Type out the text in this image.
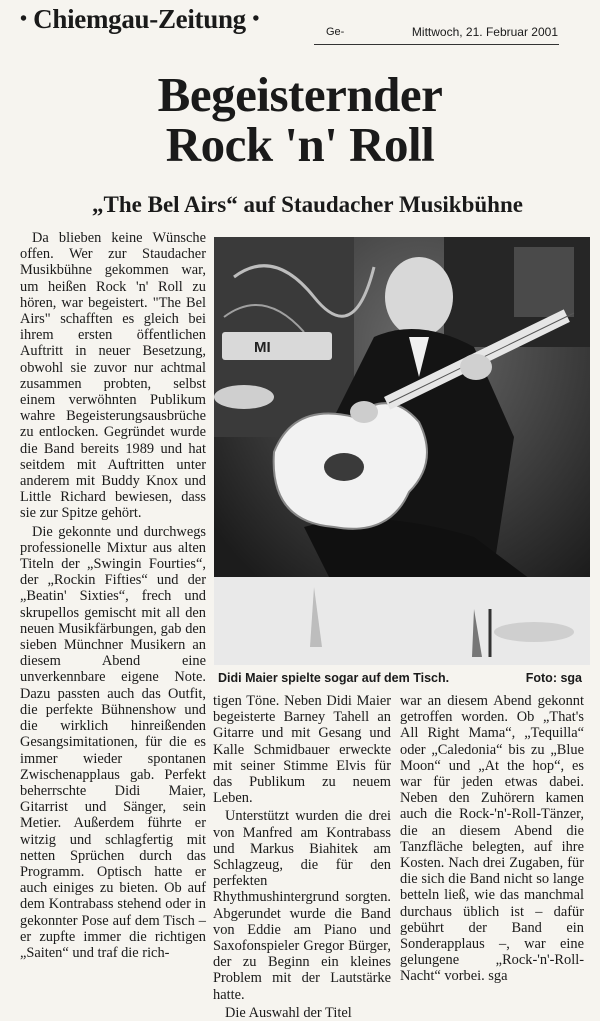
• Chiemgau-Zeitung •
Ge-	Mittwoch, 21. Februar 2001
Begeisternder
Rock 'n' Roll
„The Bel Airs“ auf Staudacher Musikbühne

Da blieben keine Wünsche offen. Wer zur Staudacher Musikbühne gekommen war, um heißen Rock 'n' Roll zu hören, war begeistert. "The Bel Airs" schafften es gleich bei ihrem ersten öffentlichen Auftritt in neuer Besetzung, obwohl sie zuvor nur achtmal zusammen probten, selbst einem verwöhnten Publikum wahre Begeisterungsausbrüche zu entlocken. Gegründet wurde die Band bereits 1989 und hat seitdem mit Auftritten unter anderem mit Buddy Knox und Little Richard bewiesen, dass sie zur Spitze gehört.

Die gekonnte und durchwegs professionelle Mixtur aus alten Titeln der „Swingin Fourties“, der „Rockin Fifties“ und der „Beatin' Sixties“, frech und skrupellos gemischt mit all den neuen Musikfärbungen, gab den sieben Münchner Musikern an diesem Abend eine unverkennbare eigene Note. Dazu passten auch das Outfit, die perfekte Bühnenshow und die wirklich hinreißenden Gesangsimitationen, für die es immer wieder spontanen Zwischenapplaus gab. Perfekt beherrschte Didi Maier, Gitarrist und Sänger, sein Metier. Außerdem führte er witzig und schlagfertig mit netten Sprüchen durch das Programm. Optisch hatte er auch einiges zu bieten. Ob auf dem Kontrabass stehend oder in gekonnter Pose auf dem Tisch – er zupfte immer die richtigen „Saiten“ und traf die rich-

MI
Didi Maier spielte sogar auf dem Tisch.	Foto: sga

tigen Töne. Neben Didi Maier begeisterte Barney Tahell an Gitarre und mit Gesang und Kalle Schmidbauer erweckte mit seiner Stimme Elvis für das Publikum zu neuem Leben.

Unterstützt wurden die drei von Manfred am Kontrabass und Markus Biahitek am Schlagzeug, die für den perfekten Rhythmushintergrund sorgten. Abgerundet wurde die Band von Eddie am Piano und Saxofonspieler Gregor Bürger, der zu Beginn ein kleines Problem mit der Lautstärke hatte.

Die Auswahl der Titel

war an diesem Abend gekonnt getroffen worden. Ob „That's All Right Mama“, „Tequilla“ oder „Caledonia“ bis zu „Blue Moon“ und „At the hop“, es war für jeden etwas dabei. Neben den Zuhörern kamen auch die Rock-'n'-Roll-Tänzer, die an diesem Abend die Tanzfläche belegten, auf ihre Kosten. Nach drei Zugaben, für die sich die Band nicht so lange betteln ließ, wie das manchmal durchaus üblich ist – dafür gebührt der Band ein Sonderapplaus –, war eine gelungene „Rock-'n'-Roll-Nacht“ vorbei. sga
